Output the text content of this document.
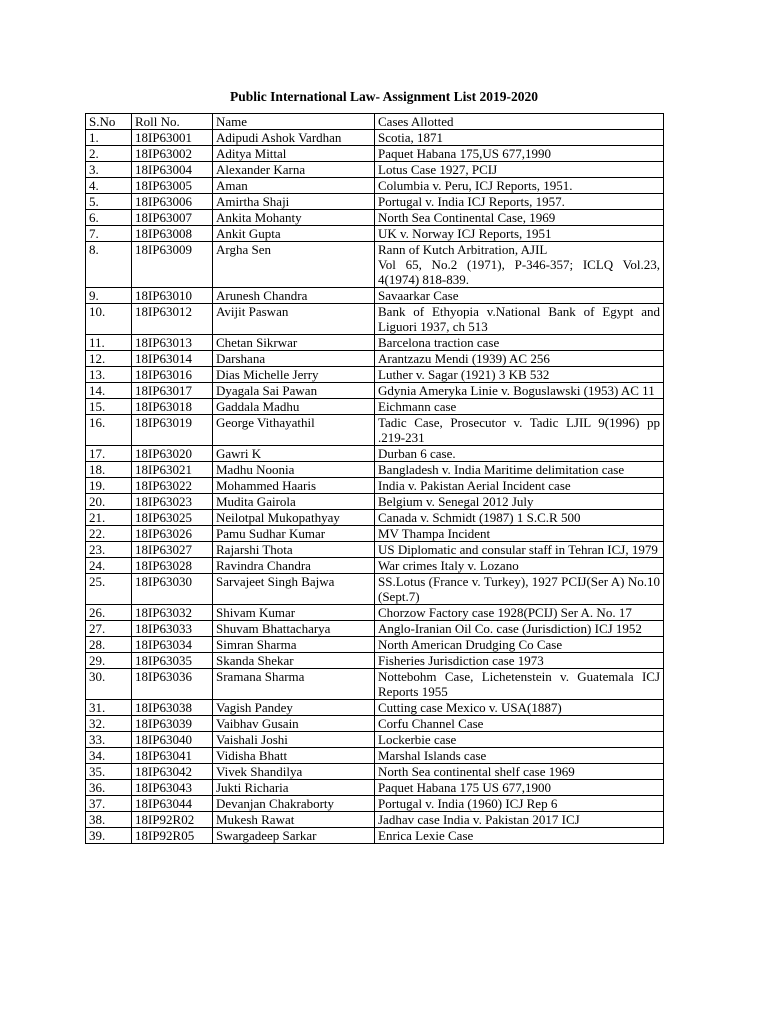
Public International Law- Assignment List 2019-2020
S.No	Roll No.	Name	Cases Allotted
1.	18IP63001	Adipudi Ashok Vardhan	Scotia, 1871
2.	18IP63002	Aditya Mittal	Paquet Habana 175,US 677,1990
3.	18IP63004	Alexander Karna	Lotus Case 1927, PCIJ
4.	18IP63005	Aman	Columbia v. Peru, ICJ Reports, 1951.
5.	18IP63006	Amirtha Shaji	Portugal v. India ICJ Reports, 1957.
6.	18IP63007	Ankita Mohanty	North Sea Continental Case, 1969
7.	18IP63008	Ankit Gupta	UK v. Norway ICJ Reports, 1951
8.	18IP63009	Argha Sen	Rann of Kutch Arbitration, AJIL
Vol 65, No.2 (1971), P-346-357; ICLQ Vol.23, 4(1974) 818-839.
9.	18IP63010	Arunesh Chandra	Savaarkar Case
10.	18IP63012	Avijit Paswan	Bank of Ethyopia v.National Bank of Egypt and Liguori 1937, ch 513
11.	18IP63013	Chetan Sikrwar	Barcelona traction case
12.	18IP63014	Darshana	Arantzazu Mendi (1939) AC 256
13.	18IP63016	Dias Michelle Jerry	Luther v. Sagar (1921) 3 KB 532
14.	18IP63017	Dyagala Sai Pawan	Gdynia Ameryka Linie v. Boguslawski (1953) AC 11
15.	18IP63018	Gaddala Madhu	Eichmann case
16.	18IP63019	George Vithayathil	Tadic Case, Prosecutor v. Tadic LJIL 9(1996) pp .219-231
17.	18IP63020	Gawri K	Durban 6 case.
18.	18IP63021	Madhu Noonia	Bangladesh v. India Maritime delimitation case
19.	18IP63022	Mohammed Haaris	India v. Pakistan Aerial Incident case
20.	18IP63023	Mudita Gairola	Belgium v. Senegal 2012 July
21.	18IP63025	Neilotpal Mukopathyay	Canada v. Schmidt (1987) 1 S.C.R 500
22.	18IP63026	Pamu Sudhar Kumar	MV Thampa Incident
23.	18IP63027	Rajarshi Thota	US Diplomatic and consular staff in Tehran ICJ, 1979
24.	18IP63028	Ravindra Chandra	War crimes Italy v. Lozano
25.	18IP63030	Sarvajeet Singh Bajwa	SS.Lotus (France v. Turkey), 1927 PCIJ(Ser A) No.10 (Sept.7)
26.	18IP63032	Shivam Kumar	Chorzow Factory case 1928(PCIJ) Ser A. No. 17
27.	18IP63033	Shuvam Bhattacharya	Anglo-Iranian Oil Co. case (Jurisdiction) ICJ 1952
28.	18IP63034	Simran Sharma	North American Drudging Co Case
29.	18IP63035	Skanda Shekar	Fisheries Jurisdiction case 1973
30.	18IP63036	Sramana Sharma	Nottebohm Case, Lichetenstein v. Guatemala ICJ Reports 1955
31.	18IP63038	Vagish Pandey	Cutting case Mexico v. USA(1887)
32.	18IP63039	Vaibhav Gusain	Corfu Channel Case
33.	18IP63040	Vaishali Joshi	Lockerbie case
34.	18IP63041	Vidisha Bhatt	Marshal Islands case
35.	18IP63042	Vivek Shandilya	North Sea continental shelf case 1969
36.	18IP63043	Jukti Richaria	Paquet Habana 175 US 677,1900
37.	18IP63044	Devanjan Chakraborty	Portugal v. India (1960) ICJ Rep 6
38.	18IP92R02	Mukesh Rawat	Jadhav case India v. Pakistan 2017 ICJ
39.	18IP92R05	Swargadeep Sarkar	Enrica Lexie Case
